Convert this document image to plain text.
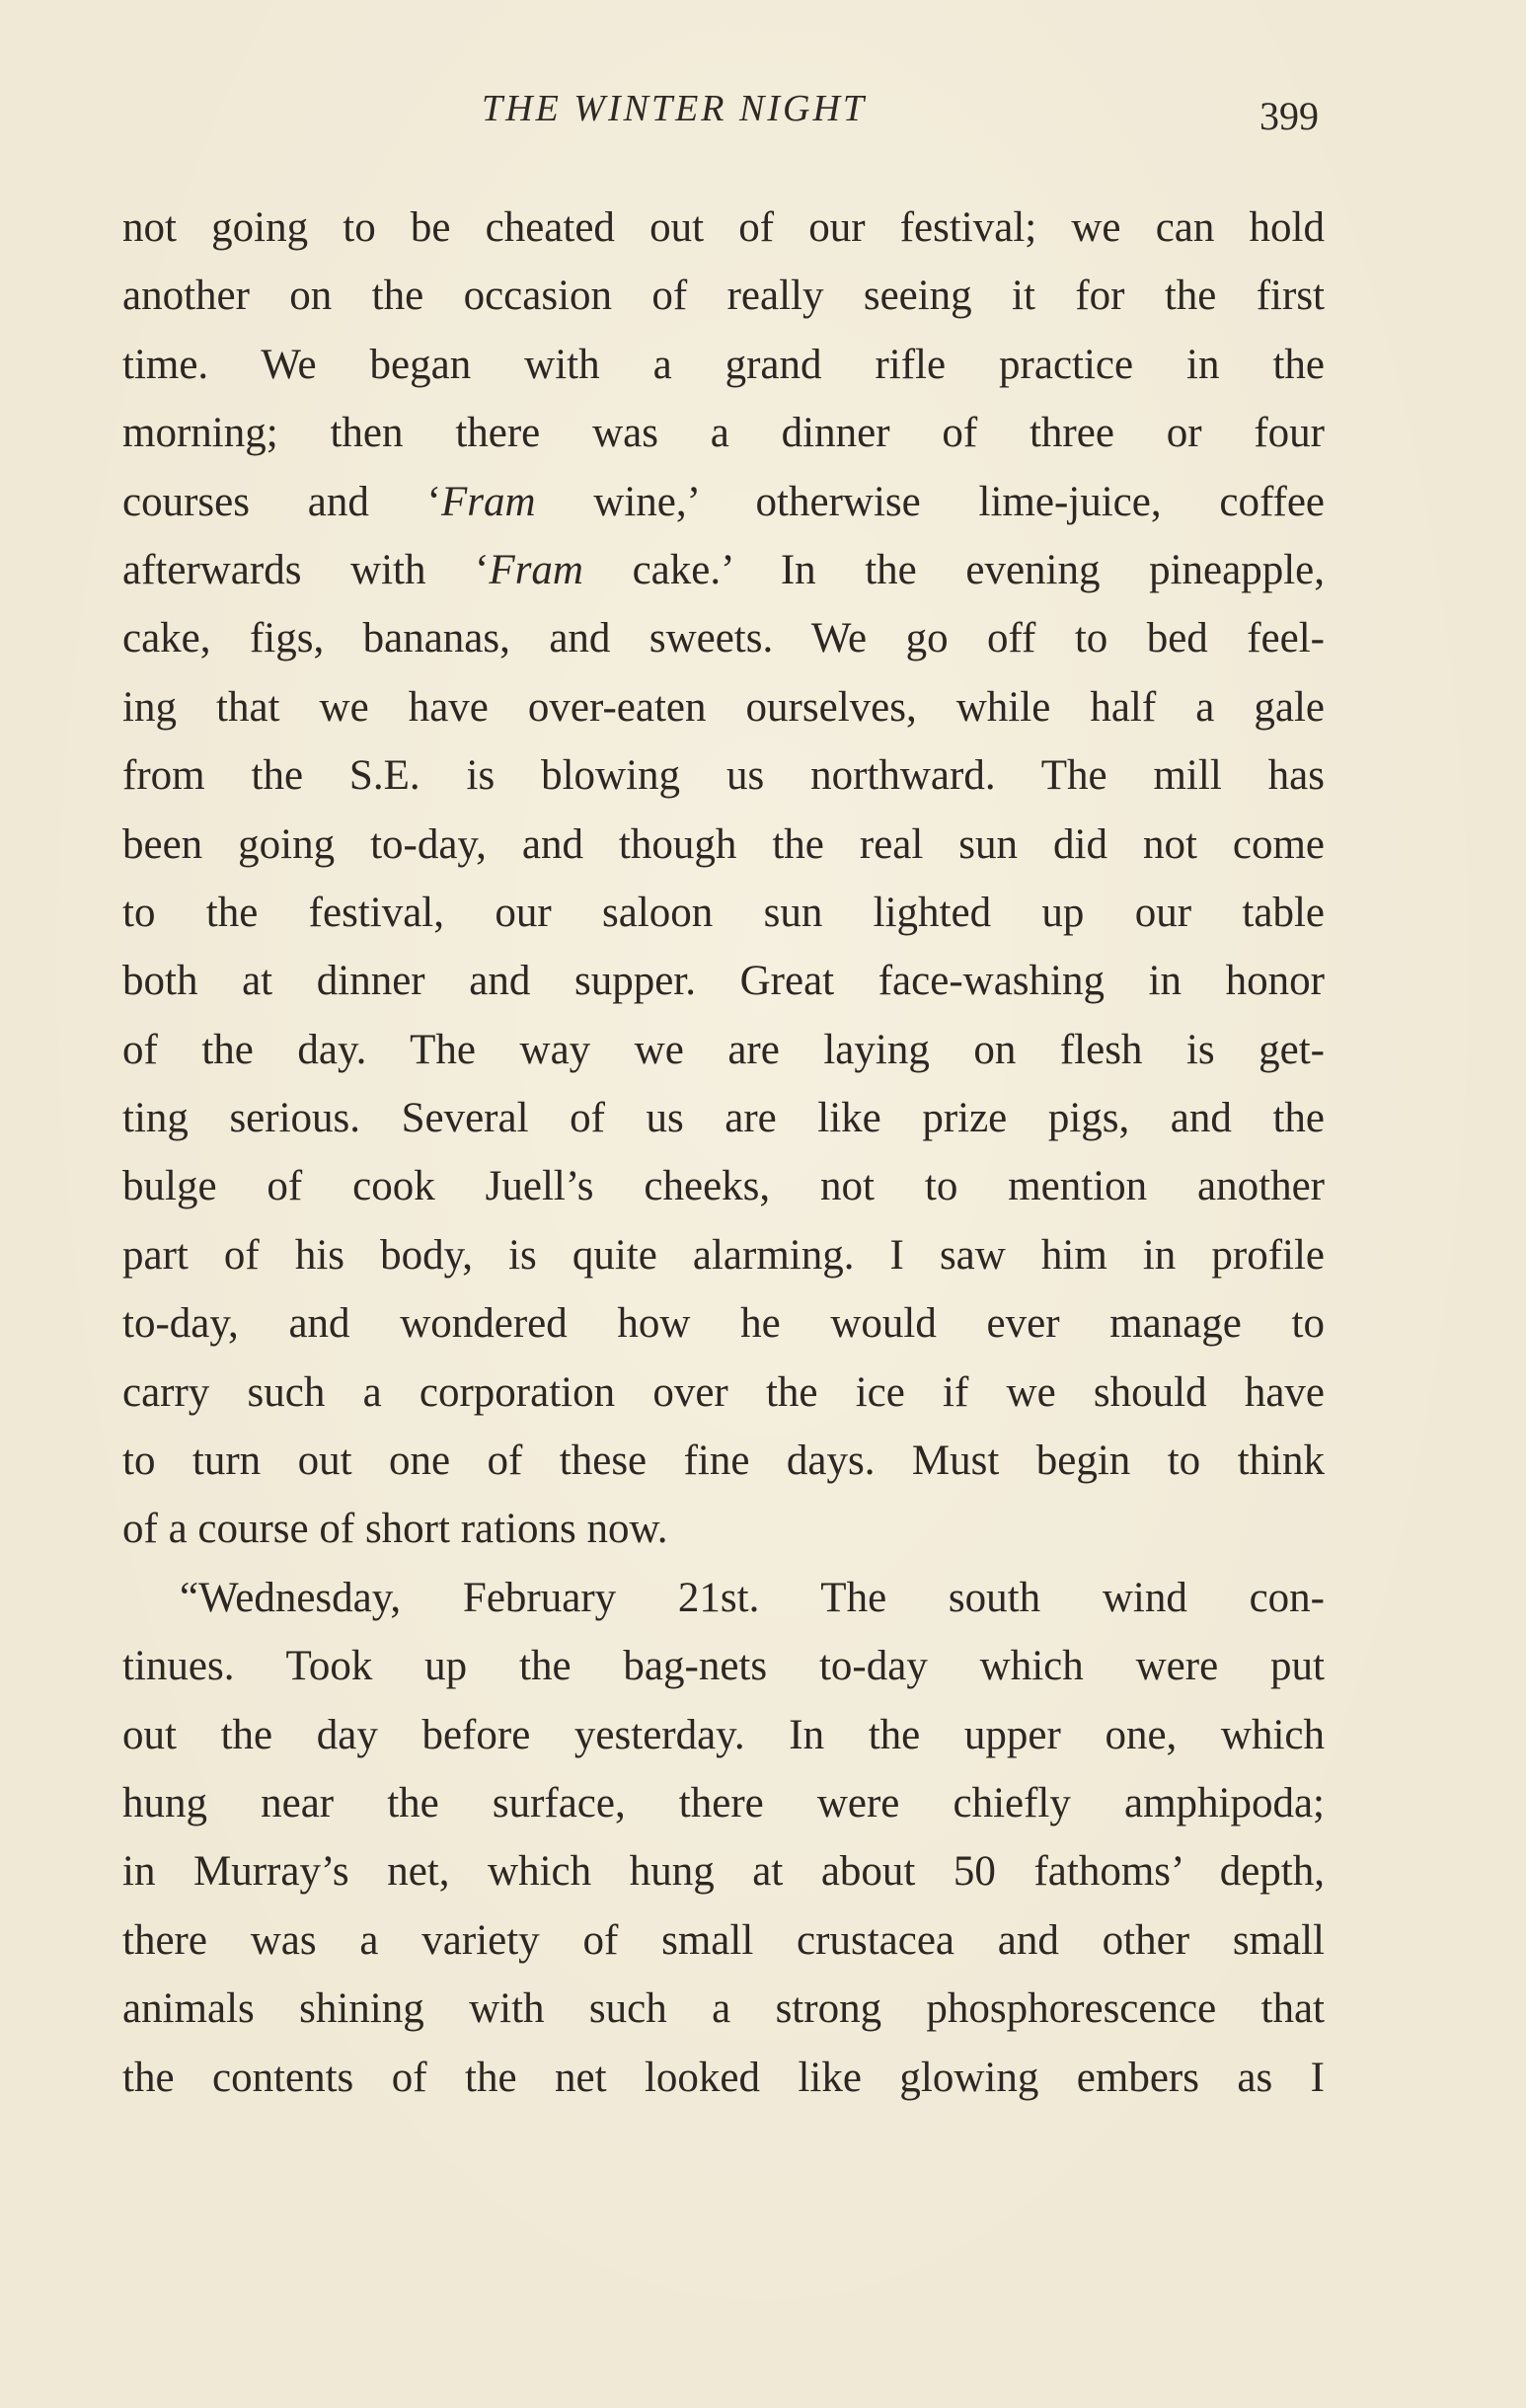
THE WINTER NIGHT	399
not going to be cheated out of our festival; we can hold
another on the occasion of really seeing it for the first
time. We began with a grand rifle practice in the
morning; then there was a dinner of three or four
courses and ‘Fram wine,’ otherwise lime-juice, coffee
afterwards with ‘Fram cake.’ In the evening pineapple,
cake, figs, bananas, and sweets. We go off to bed feel-
ing that we have over-eaten ourselves, while half a gale
from the S.E. is blowing us northward. The mill has
been going to-day, and though the real sun did not come
to the festival, our saloon sun lighted up our table
both at dinner and supper. Great face-washing in honor
of the day. The way we are laying on flesh is get-
ting serious. Several of us are like prize pigs, and the
bulge of cook Juell’s cheeks, not to mention another
part of his body, is quite alarming. I saw him in profile
to-day, and wondered how he would ever manage to
carry such a corporation over the ice if we should have
to turn out one of these fine days. Must begin to think
of a course of short rations now.
“Wednesday, February 21st. The south wind con-
tinues. Took up the bag-nets to-day which were put
out the day before yesterday. In the upper one, which
hung near the surface, there were chiefly amphipoda;
in Murray’s net, which hung at about 50 fathoms’ depth,
there was a variety of small crustacea and other small
animals shining with such a strong phosphorescence that
the contents of the net looked like glowing embers as I
